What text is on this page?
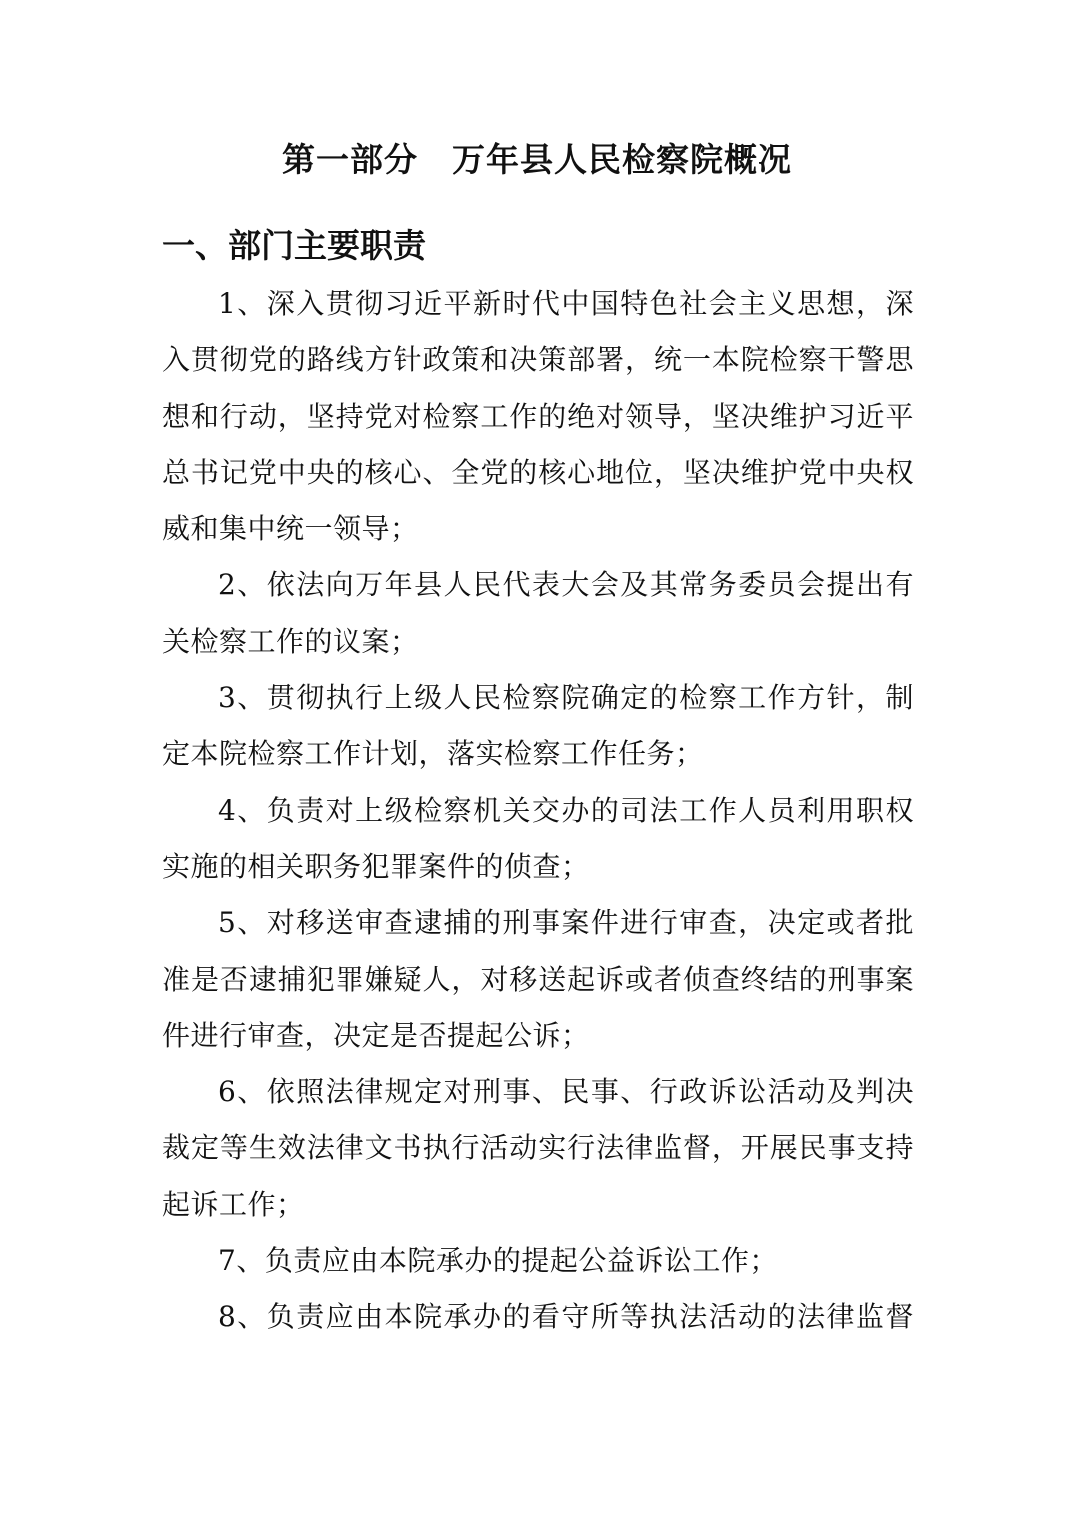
第一部分　万年县人民检察院概况
一、部门主要职责
1、深入贯彻习近平新时代中国特色社会主义思想，深
入贯彻党的路线方针政策和决策部署，统一本院检察干警思
想和行动，坚持党对检察工作的绝对领导，坚决维护习近平
总书记党中央的核心、全党的核心地位，坚决维护党中央权
威和集中统一领导；
2、依法向万年县人民代表大会及其常务委员会提出有
关检察工作的议案；
3、贯彻执行上级人民检察院确定的检察工作方针，制
定本院检察工作计划，落实检察工作任务；
4、负责对上级检察机关交办的司法工作人员利用职权
实施的相关职务犯罪案件的侦查；
5、对移送审查逮捕的刑事案件进行审查，决定或者批
准是否逮捕犯罪嫌疑人，对移送起诉或者侦查终结的刑事案
件进行审查，决定是否提起公诉；
6、依照法律规定对刑事、民事、行政诉讼活动及判决
裁定等生效法律文书执行活动实行法律监督，开展民事支持
起诉工作；
7、负责应由本院承办的提起公益诉讼工作；
8、负责应由本院承办的看守所等执法活动的法律监督
